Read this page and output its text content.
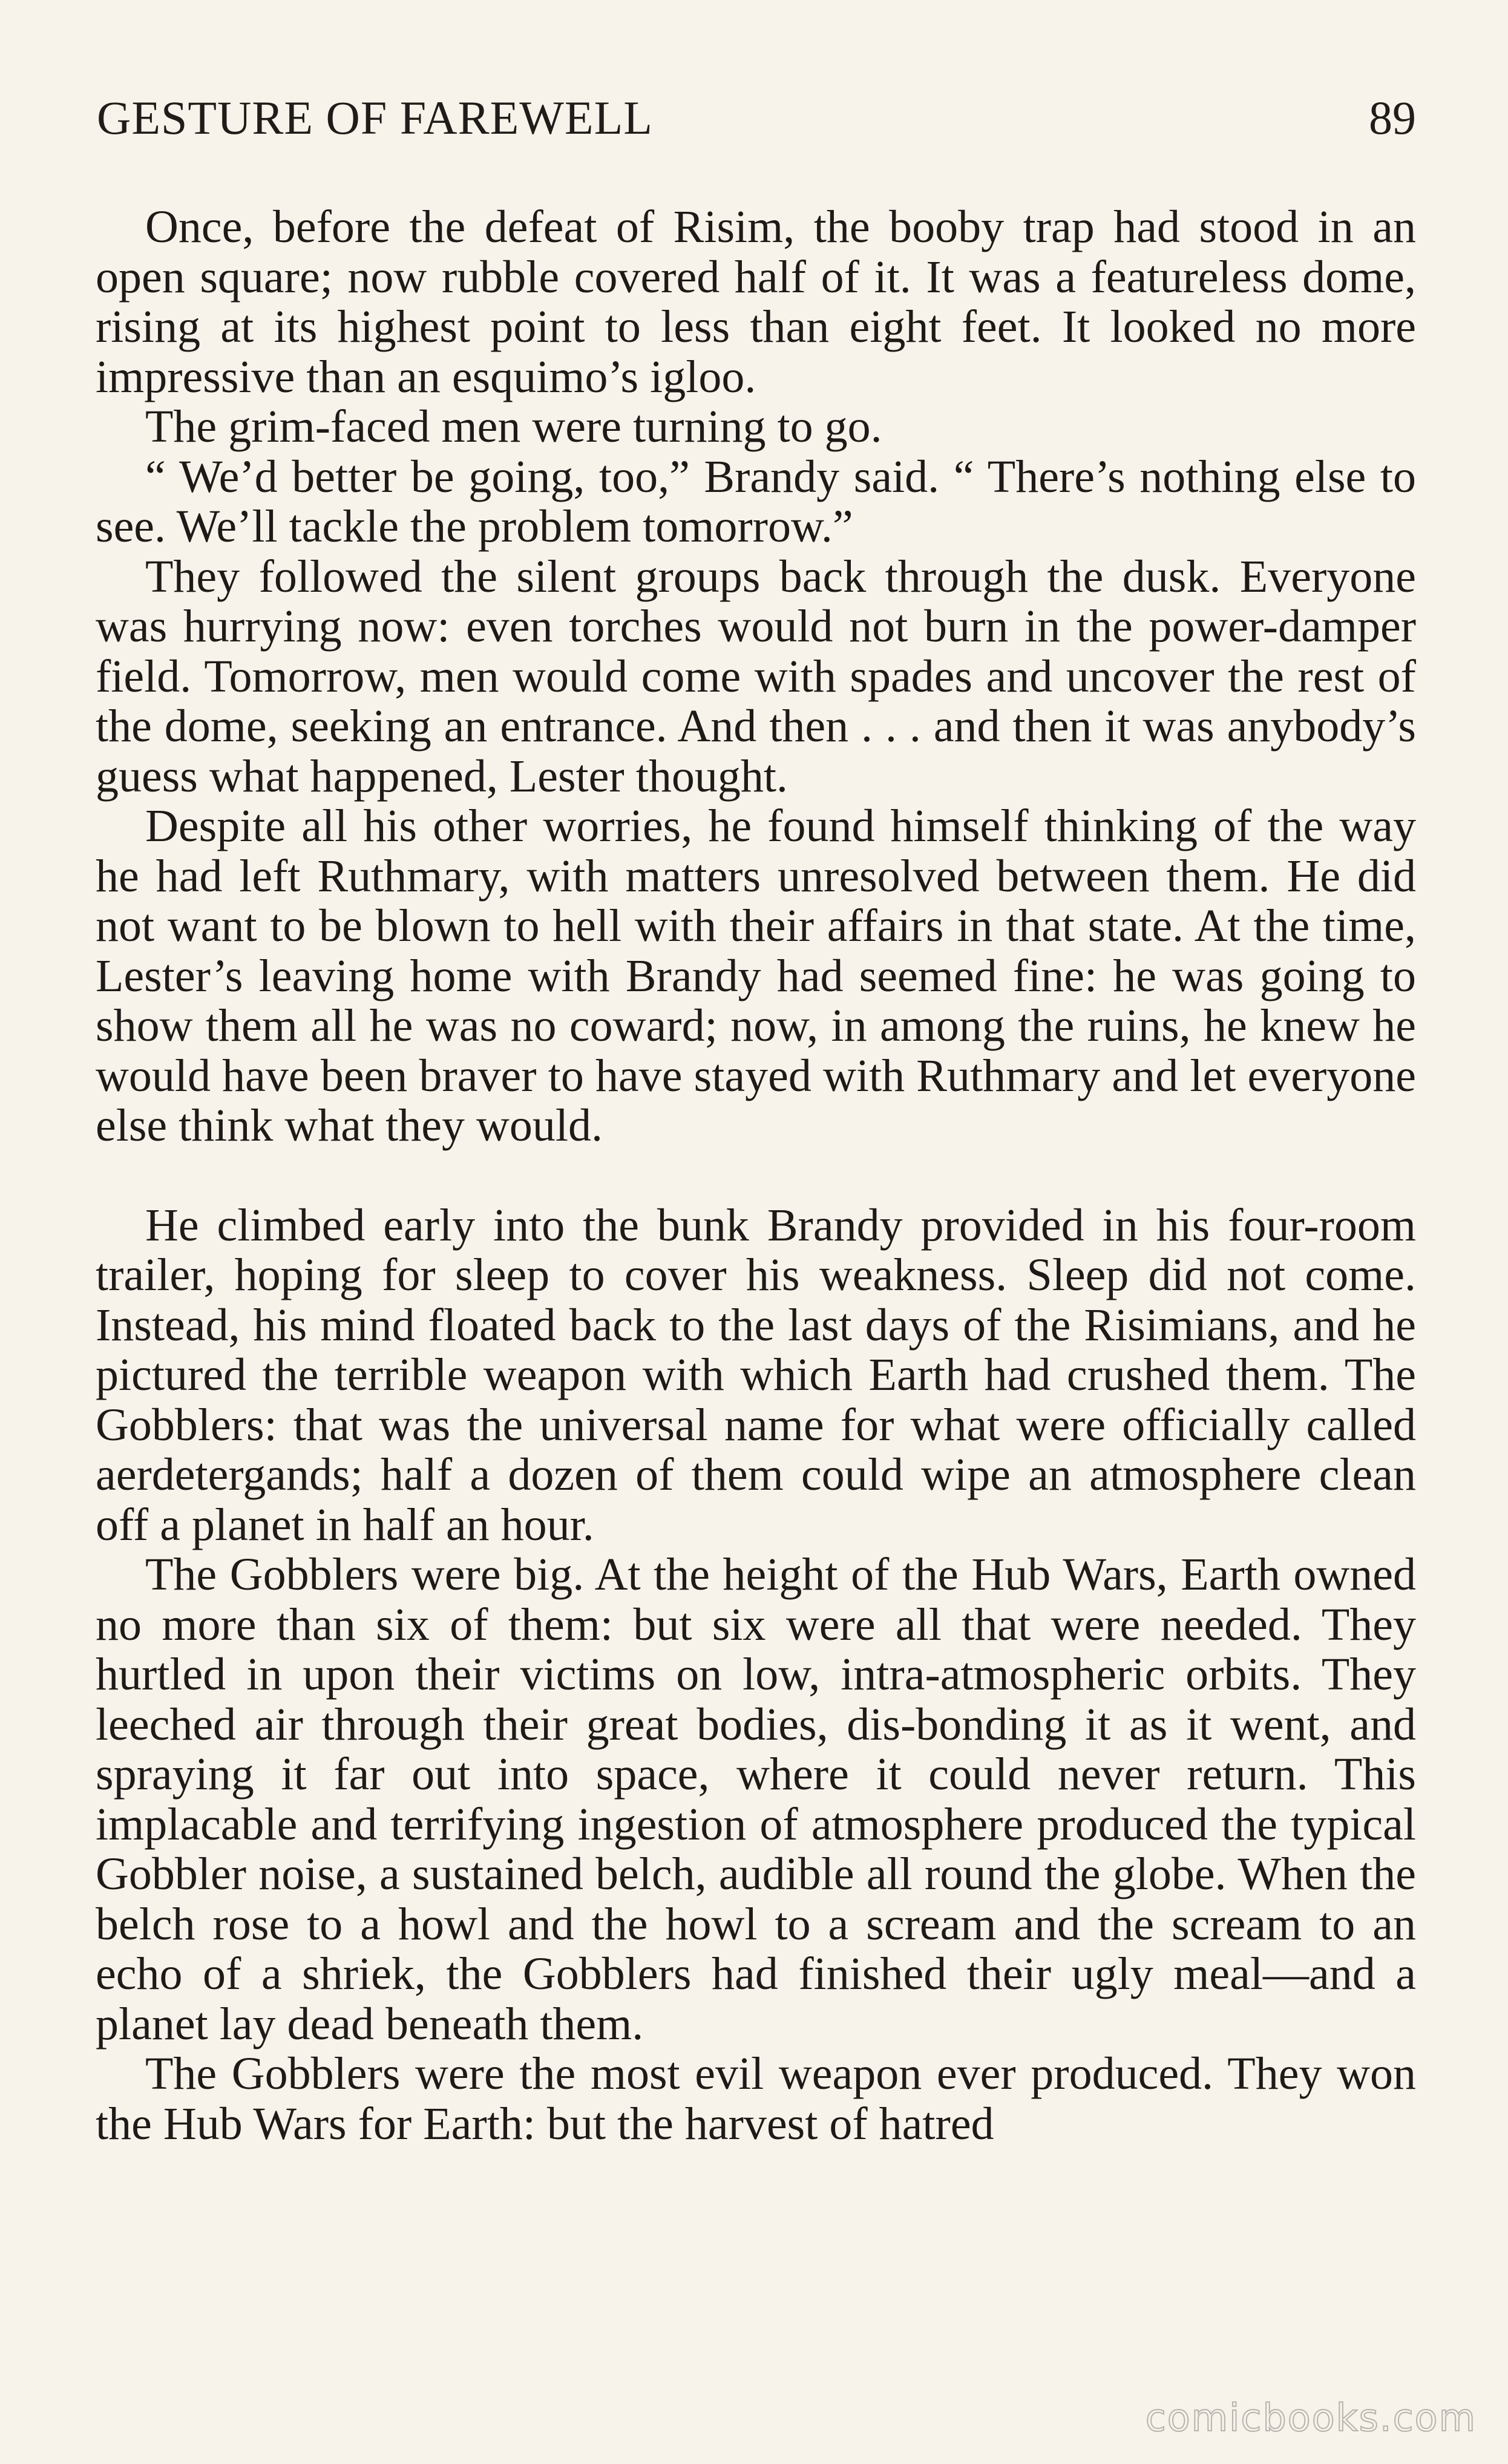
GESTURE OF FAREWELL	89

Once, before the defeat of Risim, the booby trap had stood in an open square; now rubble covered half of it. It was a featureless dome, rising at its highest point to less than eight feet. It looked no more impressive than an esquimo’s igloo.

The grim-faced men were turning to go.

“ We’d better be going, too,” Brandy said. “ There’s nothing else to see. We’ll tackle the problem tomorrow.”

They followed the silent groups back through the dusk. Everyone was hurrying now: even torches would not burn in the power-damper field. Tomorrow, men would come with spades and uncover the rest of the dome, seeking an entrance. And then . . . and then it was anybody’s guess what happened, Lester thought.

Despite all his other worries, he found himself thinking of the way he had left Ruthmary, with matters unresolved between them. He did not want to be blown to hell with their affairs in that state. At the time, Lester’s leaving home with Brandy had seemed fine: he was going to show them all he was no coward; now, in among the ruins, he knew he would have been braver to have stayed with Ruthmary and let everyone else think what they would.

He climbed early into the bunk Brandy provided in his four-room trailer, hoping for sleep to cover his weakness. Sleep did not come. Instead, his mind floated back to the last days of the Risimians, and he pictured the terrible weapon with which Earth had crushed them. The Gobblers: that was the universal name for what were officially called aerdetergands; half a dozen of them could wipe an atmosphere clean off a planet in half an hour.

The Gobblers were big. At the height of the Hub Wars, Earth owned no more than six of them: but six were all that were needed. They hurtled in upon their victims on low, intra-atmospheric orbits. They leeched air through their great bodies, dis-bonding it as it went, and spraying it far out into space, where it could never return. This implacable and terrifying ingestion of atmosphere produced the typical Gobbler noise, a sustained belch, audible all round the globe. When the belch rose to a howl and the howl to a scream and the scream to an echo of a shriek, the Gobblers had finished their ugly meal—and a planet lay dead beneath them.

The Gobblers were the most evil weapon ever produced. They won the Hub Wars for Earth: but the harvest of hatred

comicbooks.com
